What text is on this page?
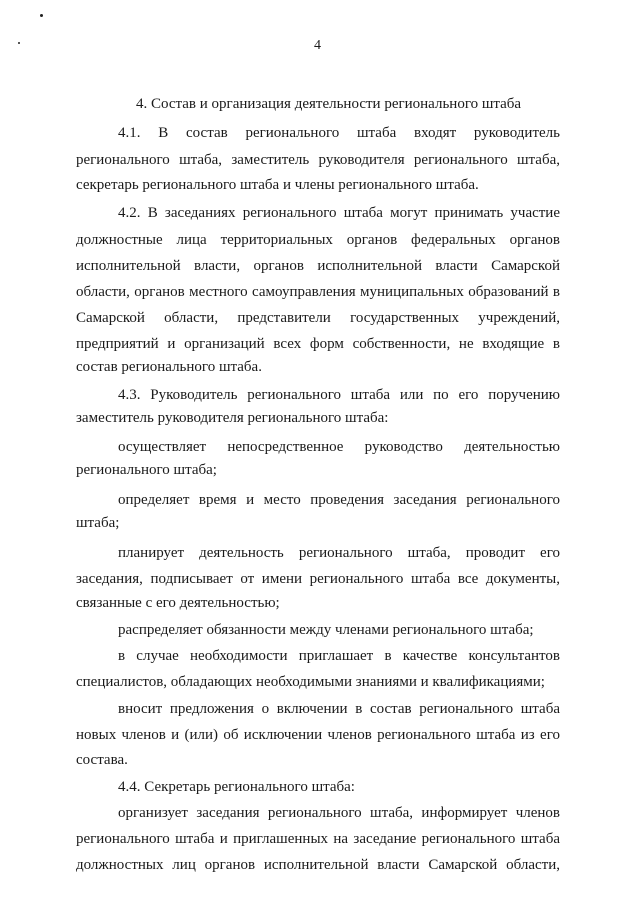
4
4. Состав и организация деятельности регионального штаба
4.1. В состав регионального штаба входят руководитель
регионального штаба, заместитель руководителя регионального штаба,
секретарь регионального штаба и члены регионального штаба.
4.2. В заседаниях регионального штаба могут принимать участие
должностные лица территориальных органов федеральных органов
исполнительной власти, органов исполнительной власти Самарской
области, органов местного самоуправления муниципальных образований в
Самарской области, представители государственных учреждений,
предприятий и организаций всех форм собственности, не входящие в
состав регионального штаба.
4.3. Руководитель регионального штаба или по его поручению
заместитель руководителя регионального штаба:
осуществляет непосредственное руководство деятельностью
регионального штаба;
определяет время и место проведения заседания регионального
штаба;
планирует деятельность регионального штаба, проводит его
заседания, подписывает от имени регионального штаба все документы,
связанные с его деятельностью;
распределяет обязанности между членами регионального штаба;
в случае необходимости приглашает в качестве консультантов
специалистов, обладающих необходимыми знаниями и квалификациями;
вносит предложения о включении в состав регионального штаба
новых членов и (или) об исключении членов регионального штаба из его
состава.
4.4. Секретарь регионального штаба:
организует заседания регионального штаба, информирует членов
регионального штаба и приглашенных на заседание регионального штаба
должностных лиц органов исполнительной власти Самарской области,
